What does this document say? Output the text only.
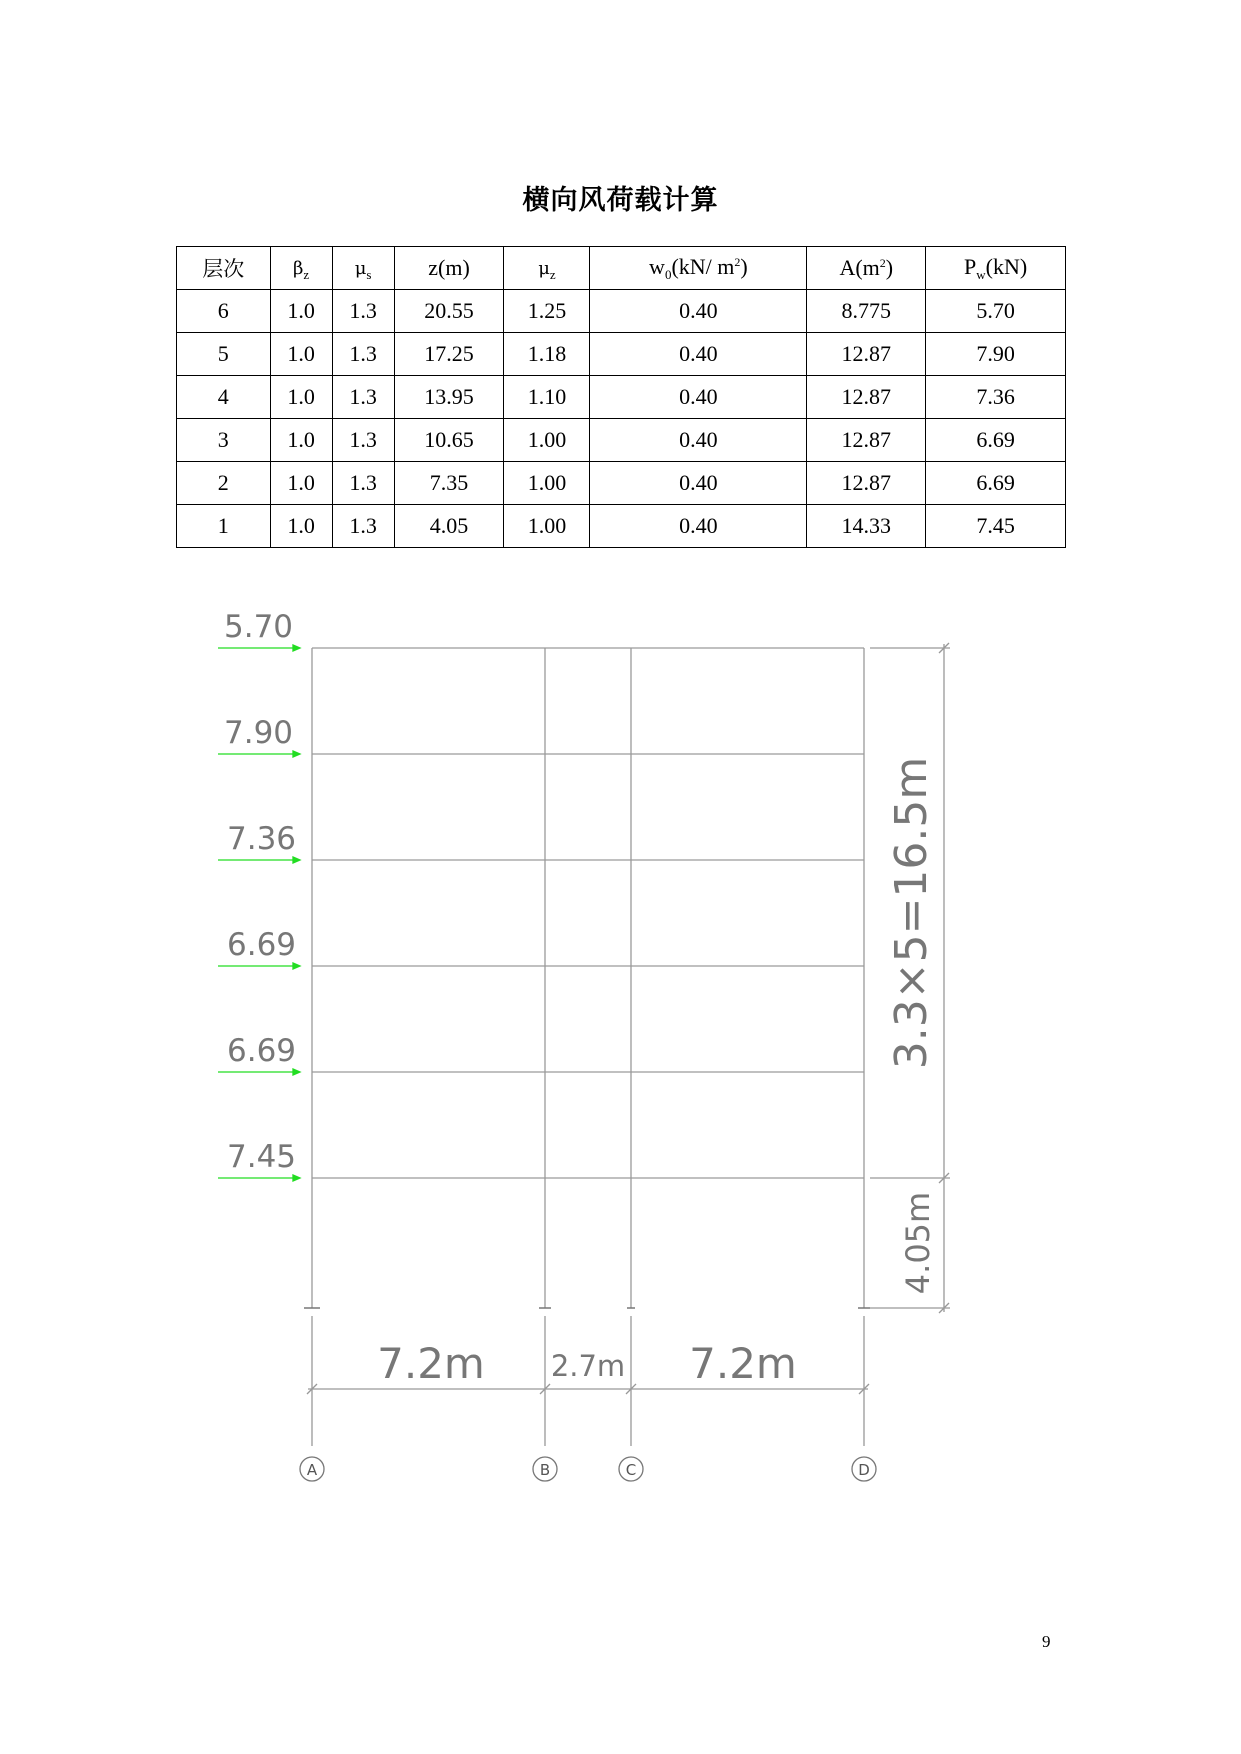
横向风荷载计算
层次	$\beta_z$	$\mu_s$	z(m)	$\mu_z$	$w_0(kN/$ $m^2$)	$A(m^2)$	$P_w(kN)$
6	1.0	1.3	20.55	1.25	0.40	8.775	5.70
5	1.0	1.3	17.25	1.18	0.40	12.87	7.90
4	1.0	1.3	13.95	1.10	0.40	12.87	7.36
3	1.0	1.3	10.65	1.00	0.40	12.87	6.69
2	1.0	1.3	7.35	1.00	0.40	12.87	6.69
1	1.0	1.3	4.05	1.00	0.40	14.33	7.45
5.70
7.90
7.36
6.69
6.69
7.45
3.3×5=16.5m
4.05m
7.2m 2.7m 7.2m
A	B	C	D
9
